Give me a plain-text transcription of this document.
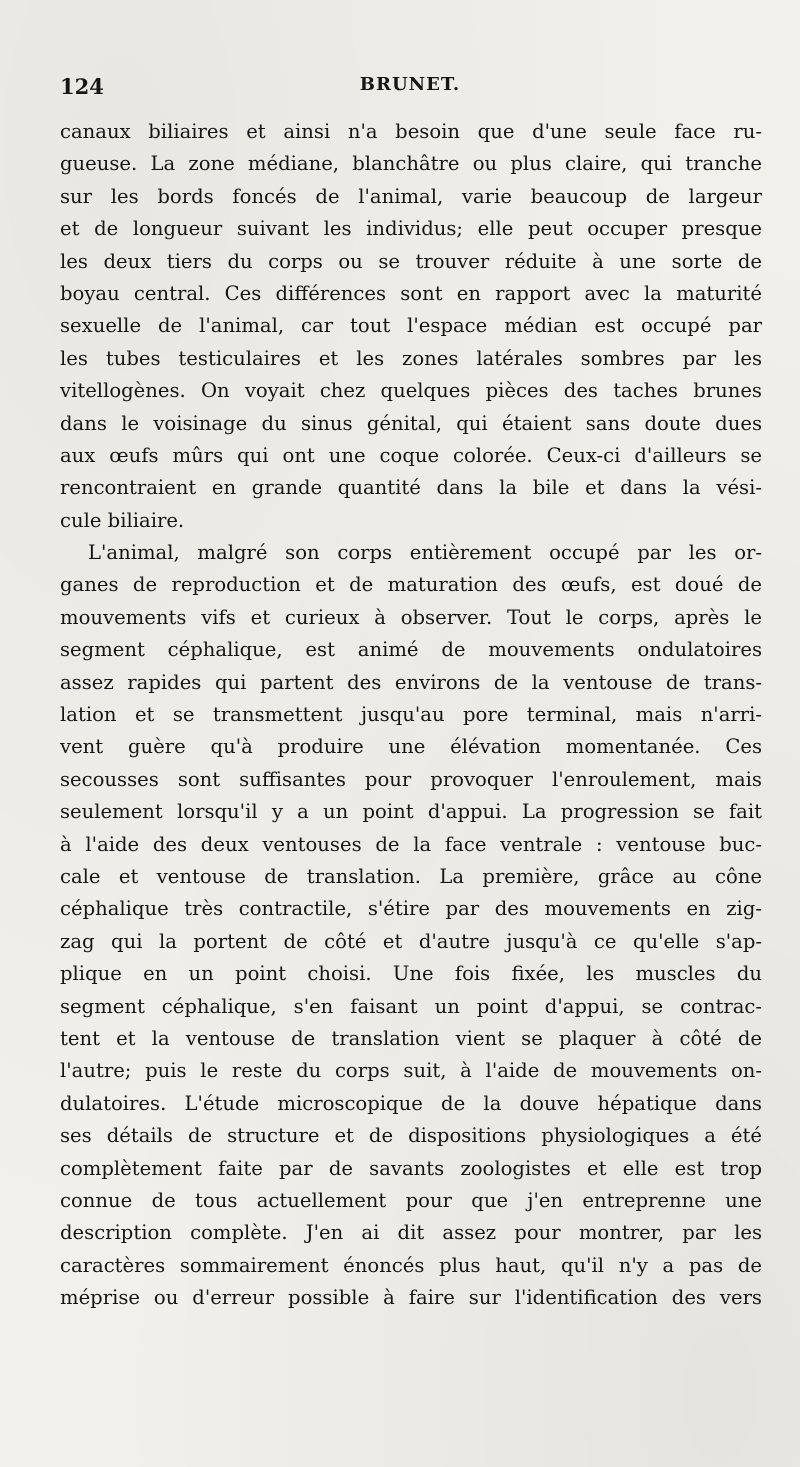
124	BRUNET.
canaux biliaires et ainsi n'a besoin que d'une seule face ru-
gueuse. La zone médiane, blanchâtre ou plus claire, qui tranche
sur les bords foncés de l'animal, varie beaucoup de largeur
et de longueur suivant les individus; elle peut occuper presque
les deux tiers du corps ou se trouver réduite à une sorte de
boyau central. Ces différences sont en rapport avec la maturité
sexuelle de l'animal, car tout l'espace médian est occupé par
les tubes testiculaires et les zones latérales sombres par les
vitellogènes. On voyait chez quelques pièces des taches brunes
dans le voisinage du sinus génital, qui étaient sans doute dues
aux œufs mûrs qui ont une coque colorée. Ceux-ci d'ailleurs se
rencontraient en grande quantité dans la bile et dans la vési-
cule biliaire.
L'animal, malgré son corps entièrement occupé par les or-
ganes de reproduction et de maturation des œufs, est doué de
mouvements vifs et curieux à observer. Tout le corps, après le
segment céphalique, est animé de mouvements ondulatoires
assez rapides qui partent des environs de la ventouse de trans-
lation et se transmettent jusqu'au pore terminal, mais n'arri-
vent guère qu'à produire une élévation momentanée. Ces
secousses sont suffisantes pour provoquer l'enroulement, mais
seulement lorsqu'il y a un point d'appui. La progression se fait
à l'aide des deux ventouses de la face ventrale : ventouse buc-
cale et ventouse de translation. La première, grâce au cône
céphalique très contractile, s'étire par des mouvements en zig-
zag qui la portent de côté et d'autre jusqu'à ce qu'elle s'ap-
plique en un point choisi. Une fois fixée, les muscles du
segment céphalique, s'en faisant un point d'appui, se contrac-
tent et la ventouse de translation vient se plaquer à côté de
l'autre; puis le reste du corps suit, à l'aide de mouvements on-
dulatoires. L'étude microscopique de la douve hépatique dans
ses détails de structure et de dispositions physiologiques a été
complètement faite par de savants zoologistes et elle est trop
connue de tous actuellement pour que j'en entreprenne une
description complète. J'en ai dit assez pour montrer, par les
caractères sommairement énoncés plus haut, qu'il n'y a pas de
méprise ou d'erreur possible à faire sur l'identification des vers
